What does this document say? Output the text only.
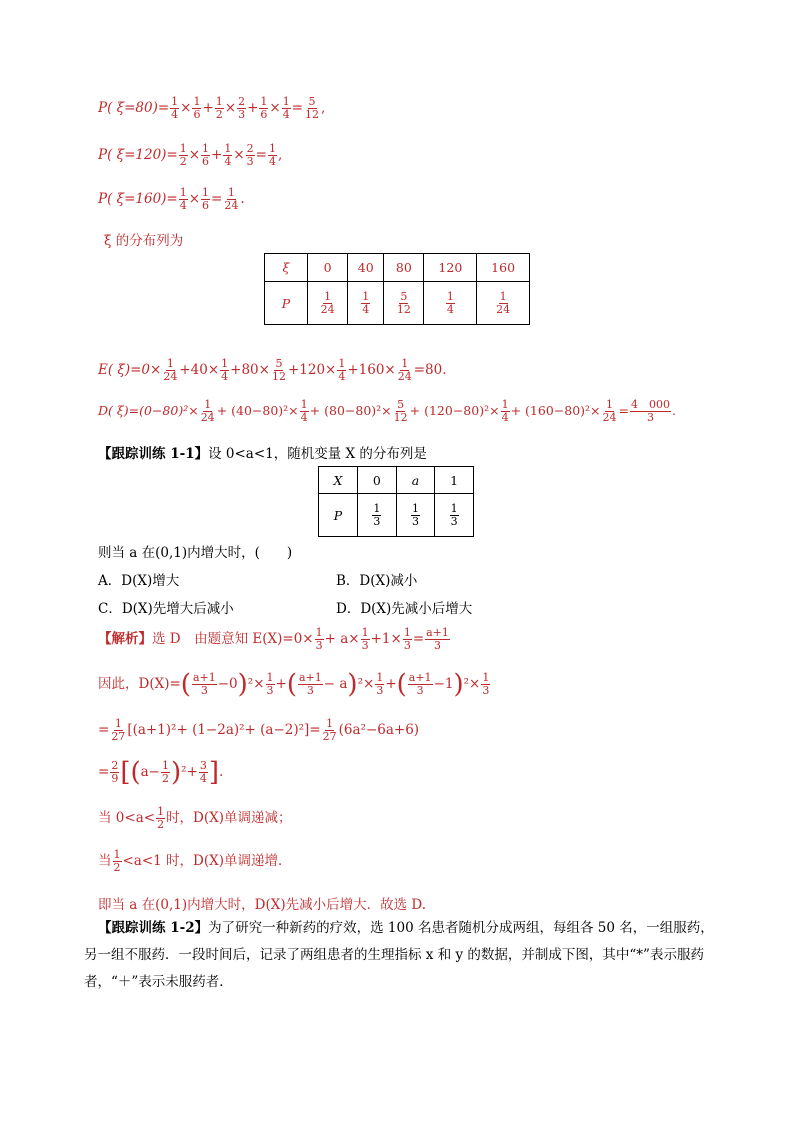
P( $\xi=80)= \frac{1}{4} \times \frac{1}{6} + \frac{1}{2} \times \frac{2}{3} + \frac{1}{6} \times \frac{1}{4} = \frac{5}{12}$ ,
P( $\xi=120)= \frac{1}{2} \times \frac{1}{6} + \frac{1}{4} \times \frac{2}{3} = \frac{1}{4}$ ,
P( $\xi=160)= \frac{1}{4} \times \frac{1}{6} = \frac{1}{24}$ .
ξ 的分布列为
ξ	0	40	80	120	160
P	$\frac{1}{24}$	$\frac{1}{4}$	$\frac{5}{12}$	$\frac{1}{4}$	$\frac{1}{24}$
E( $\xi)=0\times \frac{1}{24} +40\times \frac{1}{4} +80\times \frac{5}{12} +120\times \frac{1}{4} +160\times \frac{1}{24} =80$.
D( $\xi)=(0-80)^2\times \frac{1}{24} + (40-80)^2\times \frac{1}{4} + (80-80)^2\times \frac{5}{12} + (120-80)^2\times \frac{1}{4} + (160-80)^2\times \frac{1}{24} = \frac{4 000}{3}$ .
【跟踪训练 1-1】设 0<a<1，随机变量 X 的分布列是
X	0	a	1
P	$\frac{1}{3}$	$\frac{1}{3}$	$\frac{1}{3}$
则当 a 在(0,1)内增大时，(　　)
A．D(X)增大	B．D(X)减小
C．D(X)先增大后减小	D．D(X)先减小后增大
【解析】选 D　由题意知 $E(X)=0\times \frac{1}{3} + a\times \frac{1}{3} +1\times \frac{1}{3} = \frac{a+1}{3}$
因此，$D(X)=( \frac{a+1}{3} -0)^2\times \frac{1}{3}$ +( $\frac{a+1}{3} - a)^2\times \frac{1}{3}$ +( $\frac{a+1}{3} -1)^2\times \frac{1}{3}$
= $\frac{1}{27} [(a+1)^2+ (1-2a)^2+ (a-2)^2]= \frac{1}{27} (6a^2-6a+6)$
= $\frac{2}{9} [(a- \frac{1}{2} )^2+ \frac{3}{4}$ ].
当 $0<a< \frac{1}{2}$ 时，D(X)单调递减；
当 $\frac{1}{2} <a<1$ 时，D(X)单调递增．
即当 a 在(0,1)内增大时，D(X)先减小后增大．故选 D.
【跟踪训练 1-2】为了研究一种新药的疗效，选 100 名患者随机分成两组，每组各 50 名，一组服药，另一组不服药．一段时间后，记录了两组患者的生理指标 x 和 y 的数据，并制成下图，其中“*”表示服药者，“＋”表示未服药者．
